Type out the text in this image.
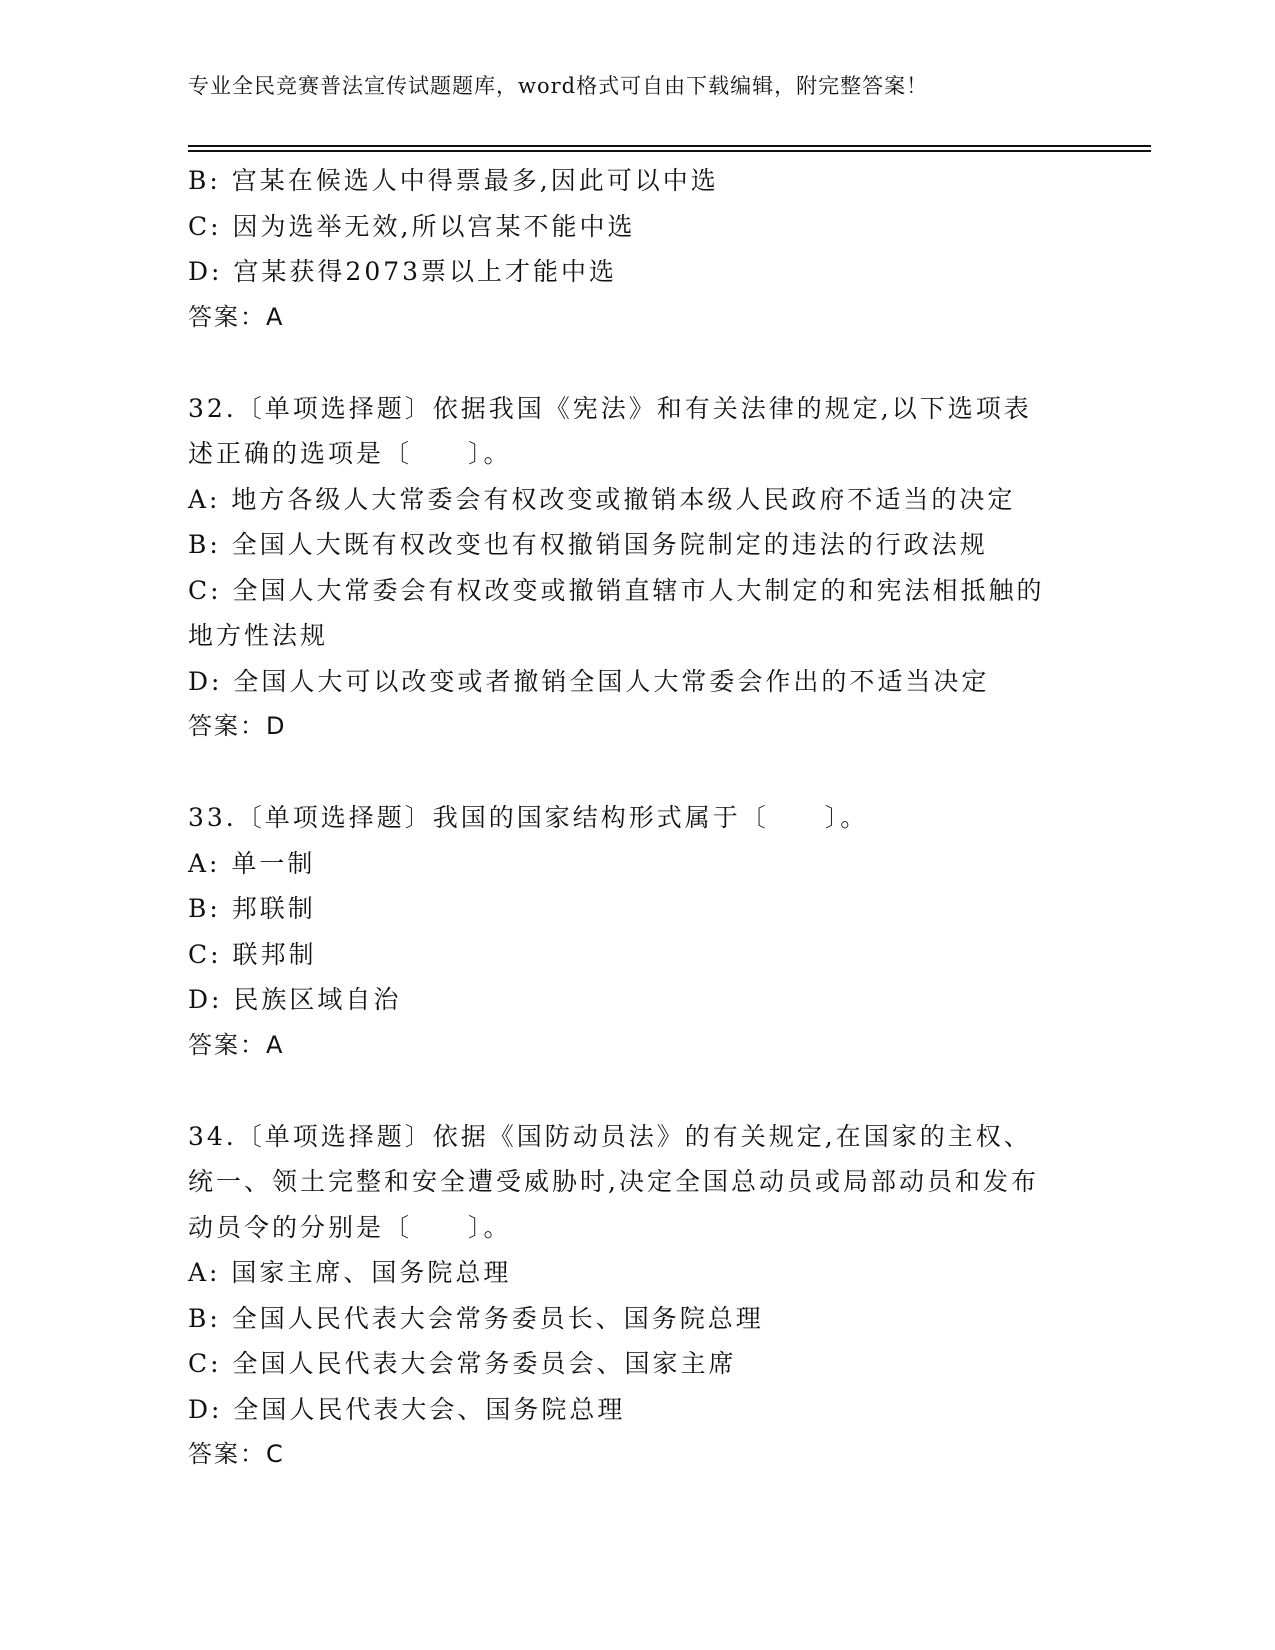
专业全民竞赛普法宣传试题题库，word格式可自由下载编辑，附完整答案！
B: 宫某在候选人中得票最多,因此可以中选
C: 因为选举无效,所以宫某不能中选
D: 宫某获得2073票以上才能中选
答案：A
32.〔单项选择题〕依据我国《宪法》和有关法律的规定,以下选项表
述正确的选项是〔　　〕。
A: 地方各级人大常委会有权改变或撤销本级人民政府不适当的决定
B: 全国人大既有权改变也有权撤销国务院制定的违法的行政法规
C: 全国人大常委会有权改变或撤销直辖市人大制定的和宪法相抵触的
地方性法规
D: 全国人大可以改变或者撤销全国人大常委会作出的不适当决定
答案：D
33.〔单项选择题〕我国的国家结构形式属于〔　　〕。
A: 单一制
B: 邦联制
C: 联邦制
D: 民族区域自治
答案：A
34.〔单项选择题〕依据《国防动员法》的有关规定,在国家的主权、
统一、领土完整和安全遭受威胁时,决定全国总动员或局部动员和发布
动员令的分别是〔　　〕。
A: 国家主席、国务院总理
B: 全国人民代表大会常务委员长、国务院总理
C: 全国人民代表大会常务委员会、国家主席
D: 全国人民代表大会、国务院总理
答案：C
